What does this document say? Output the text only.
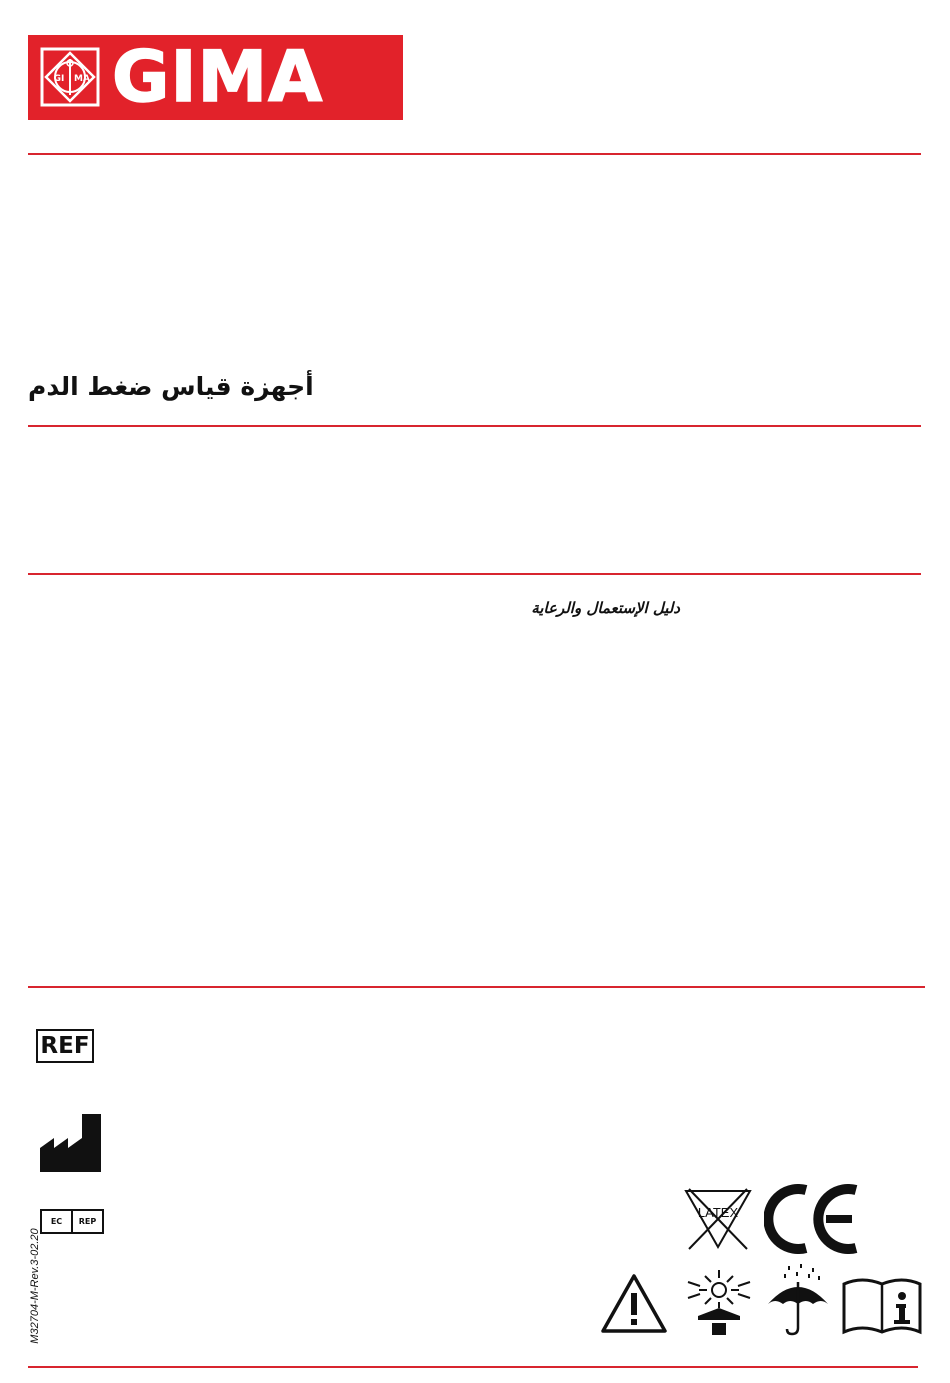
GI MA GIMA
أجهزة قياس ضغط الدم
دليل الإستعمال والرعاية
REF
EC	REP
M32704-M-Rev.3-02.20
LATEX
